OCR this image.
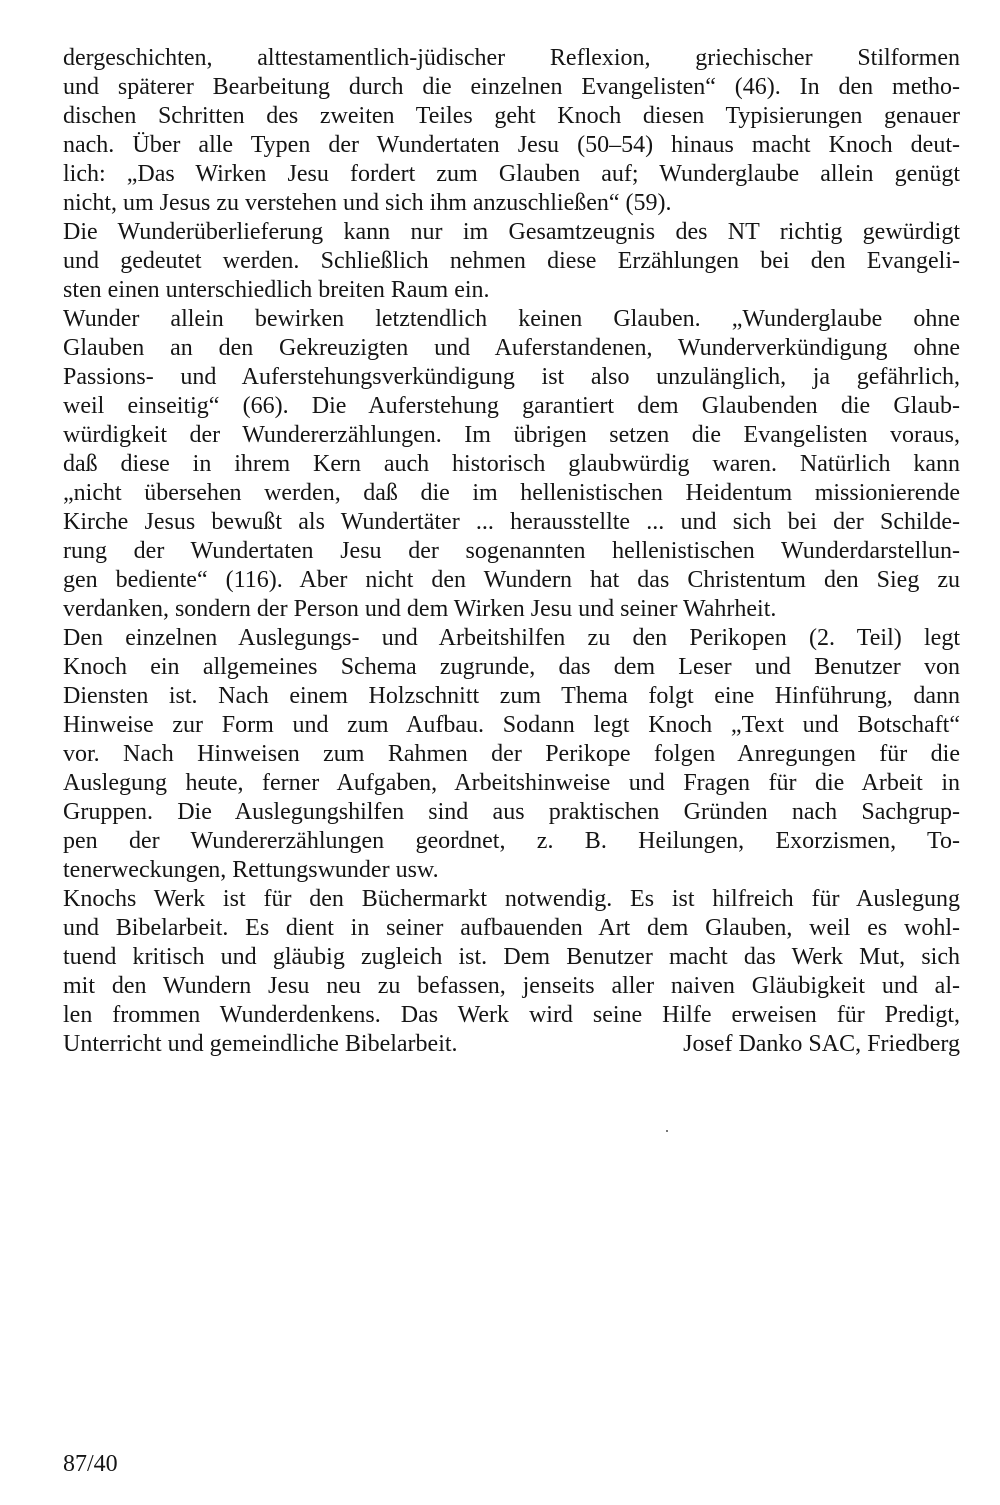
dergeschichten, alttestamentlich-jüdischer Reflexion, griechischer Stilformen
und späterer Bearbeitung durch die einzelnen Evangelisten“ (46). In den metho-
dischen Schritten des zweiten Teiles geht Knoch diesen Typisierungen genauer
nach. Über alle Typen der Wundertaten Jesu (50–54) hinaus macht Knoch deut-
lich: „Das Wirken Jesu fordert zum Glauben auf; Wunderglaube allein genügt
nicht, um Jesus zu verstehen und sich ihm anzuschließen“ (59).
Die Wunderüberlieferung kann nur im Gesamtzeugnis des NT richtig gewürdigt
und gedeutet werden. Schließlich nehmen diese Erzählungen bei den Evangeli-
sten einen unterschiedlich breiten Raum ein.
Wunder allein bewirken letztendlich keinen Glauben. „Wunderglaube ohne
Glauben an den Gekreuzigten und Auferstandenen, Wunderverkündigung ohne
Passions- und Auferstehungsverkündigung ist also unzulänglich, ja gefährlich,
weil einseitig“ (66). Die Auferstehung garantiert dem Glaubenden die Glaub-
würdigkeit der Wundererzählungen. Im übrigen setzen die Evangelisten voraus,
daß diese in ihrem Kern auch historisch glaubwürdig waren. Natürlich kann
„nicht übersehen werden, daß die im hellenistischen Heidentum missionierende
Kirche Jesus bewußt als Wundertäter ... herausstellte ... und sich bei der Schilde-
rung der Wundertaten Jesu der sogenannten hellenistischen Wunderdarstellun-
gen bediente“ (116). Aber nicht den Wundern hat das Christentum den Sieg zu
verdanken, sondern der Person und dem Wirken Jesu und seiner Wahrheit.
Den einzelnen Auslegungs- und Arbeitshilfen zu den Perikopen (2. Teil) legt
Knoch ein allgemeines Schema zugrunde, das dem Leser und Benutzer von
Diensten ist. Nach einem Holzschnitt zum Thema folgt eine Hinführung, dann
Hinweise zur Form und zum Aufbau. Sodann legt Knoch „Text und Botschaft“
vor. Nach Hinweisen zum Rahmen der Perikope folgen Anregungen für die
Auslegung heute, ferner Aufgaben, Arbeitshinweise und Fragen für die Arbeit in
Gruppen. Die Auslegungshilfen sind aus praktischen Gründen nach Sachgrup-
pen der Wundererzählungen geordnet, z. B. Heilungen, Exorzismen, To-
tenerweckungen, Rettungswunder usw.
Knochs Werk ist für den Büchermarkt notwendig. Es ist hilfreich für Auslegung
und Bibelarbeit. Es dient in seiner aufbauenden Art dem Glauben, weil es wohl-
tuend kritisch und gläubig zugleich ist. Dem Benutzer macht das Werk Mut, sich
mit den Wundern Jesu neu zu befassen, jenseits aller naiven Gläubigkeit und al-
len frommen Wunderdenkens. Das Werk wird seine Hilfe erweisen für Predigt,
Unterricht und gemeindliche Bibelarbeit.	Josef Danko SAC, Friedberg
87/40
